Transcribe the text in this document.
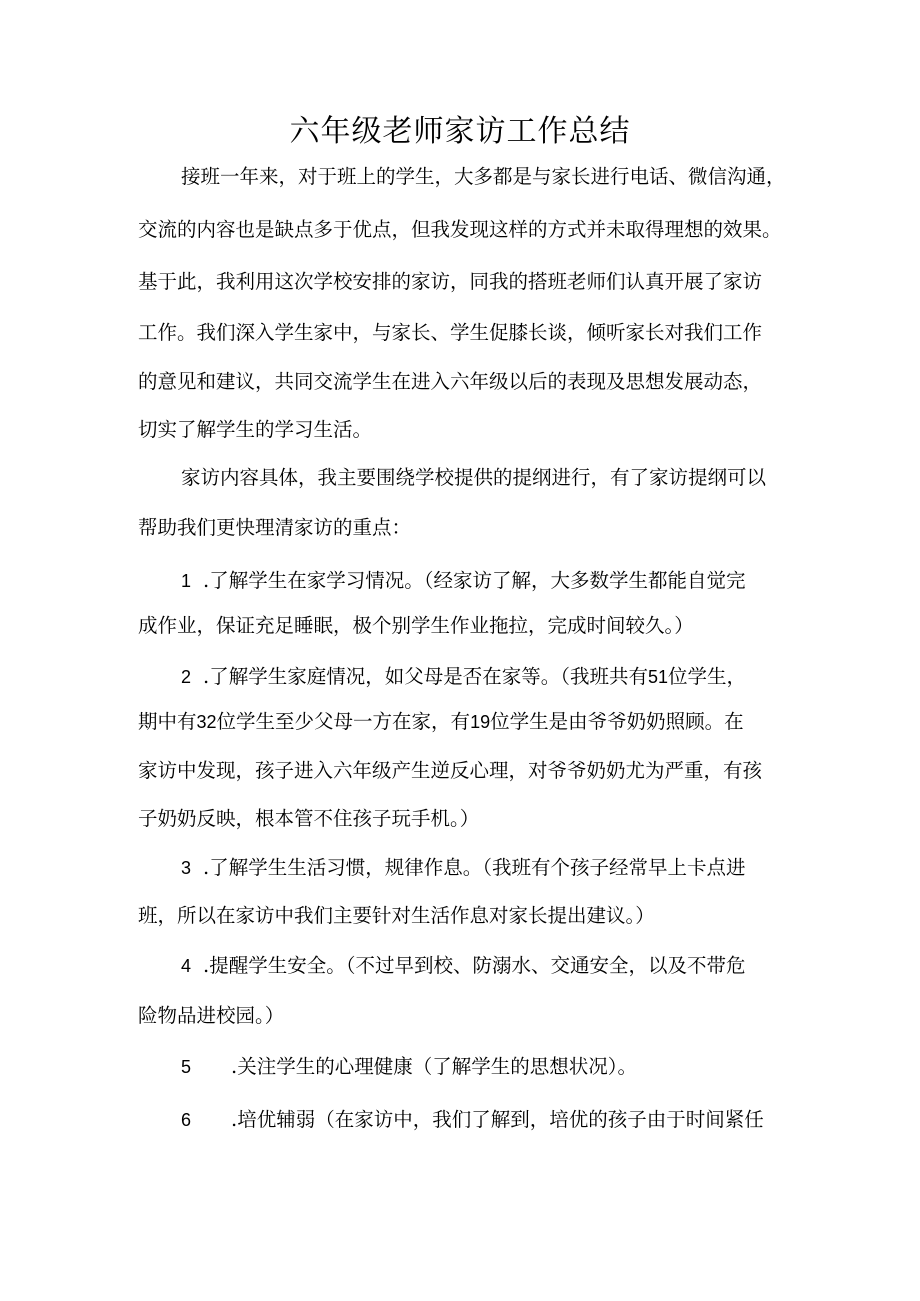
六年级老师家访工作总结
接班一年来，对于班上的学生，大多都是与家长进行电话、微信沟通，
交流的内容也是缺点多于优点，但我发现这样的方式并未取得理想的效果。
基于此，我利用这次学校安排的家访，同我的搭班老师们认真开展了家访
工作。我们深入学生家中，与家长、学生促膝长谈，倾听家长对我们工作
的意见和建议，共同交流学生在进入六年级以后的表现及思想发展动态，
切实了解学生的学习生活。
家访内容具体，我主要围绕学校提供的提纲进行，有了家访提纲可以
帮助我们更快理清家访的重点：
1 .了解学生在家学习情况。（经家访了解，大多数学生都能自觉完
成作业，保证充足睡眠，极个别学生作业拖拉，完成时间较久。）
2 .了解学生家庭情况，如父母是否在家等。（我班共有51位学生，
期中有32位学生至少父母一方在家，有19位学生是由爷爷奶奶照顾。在
家访中发现，孩子进入六年级产生逆反心理，对爷爷奶奶尤为严重，有孩
子奶奶反映，根本管不住孩子玩手机。）
3 .了解学生生活习惯，规律作息。（我班有个孩子经常早上卡点进
班，所以在家访中我们主要针对生活作息对家长提出建议。）
4 .提醒学生安全。（不过早到校、防溺水、交通安全，以及不带危
险物品进校园。）
5 .关注学生的心理健康（了解学生的思想状况）。
6 .培优辅弱（在家访中，我们了解到，培优的孩子由于时间紧任
